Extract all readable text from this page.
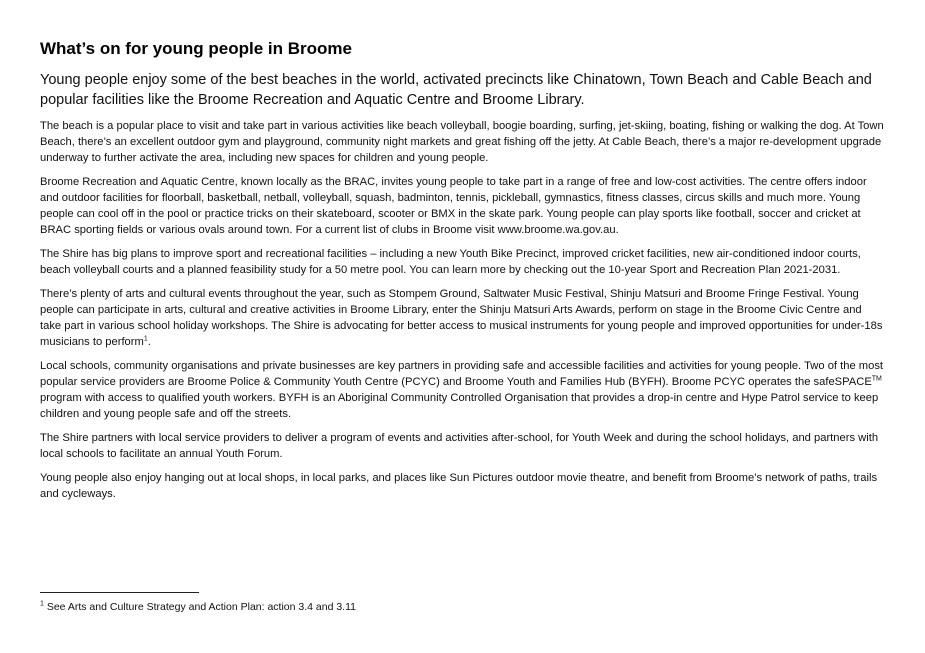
What’s on for young people in Broome

Young people enjoy some of the best beaches in the world, activated precincts like Chinatown, Town Beach and Cable Beach and popular facilities like the Broome Recreation and Aquatic Centre and Broome Library.

The beach is a popular place to visit and take part in various activities like beach volleyball, boogie boarding, surfing, jet-skiing, boating, fishing or walking the dog. At Town Beach, there’s an excellent outdoor gym and playground, community night markets and great fishing off the jetty. At Cable Beach, there’s a major re-development upgrade underway to further activate the area, including new spaces for children and young people.

Broome Recreation and Aquatic Centre, known locally as the BRAC, invites young people to take part in a range of free and low-cost activities. The centre offers indoor and outdoor facilities for floorball, basketball, netball, volleyball, squash, badminton, tennis, pickleball, gymnastics, fitness classes, circus skills and much more. Young people can cool off in the pool or practice tricks on their skateboard, scooter or BMX in the skate park. Young people can play sports like football, soccer and cricket at BRAC sporting fields or various ovals around town. For a current list of clubs in Broome visit www.broome.wa.gov.au.

The Shire has big plans to improve sport and recreational facilities – including a new Youth Bike Precinct, improved cricket facilities, new air-conditioned indoor courts, beach volleyball courts and a planned feasibility study for a 50 metre pool. You can learn more by checking out the 10-year Sport and Recreation Plan 2021-2031.

There’s plenty of arts and cultural events throughout the year, such as Stompem Ground, Saltwater Music Festival, Shinju Matsuri and Broome Fringe Festival. Young people can participate in arts, cultural and creative activities in Broome Library, enter the Shinju Matsuri Arts Awards, perform on stage in the Broome Civic Centre and take part in various school holiday workshops. The Shire is advocating for better access to musical instruments for young people and improved opportunities for under-18s musicians to perform$^1$.

Local schools, community organisations and private businesses are key partners in providing safe and accessible facilities and activities for young people. Two of the most popular service providers are Broome Police & Community Youth Centre (PCYC) and Broome Youth and Families Hub (BYFH). Broome PCYC operates the safeSPACE™ program with access to qualified youth workers. BYFH is an Aboriginal Community Controlled Organisation that provides a drop-in centre and Hype Patrol service to keep children and young people safe and off the streets.

The Shire partners with local service providers to deliver a program of events and activities after-school, for Youth Week and during the school holidays, and partners with local schools to facilitate an annual Youth Forum.

Young people also enjoy hanging out at local shops, in local parks, and places like Sun Pictures outdoor movie theatre, and benefit from Broome’s network of paths, trails and cycleways.

$^1$ See Arts and Culture Strategy and Action Plan: action 3.4 and 3.11
